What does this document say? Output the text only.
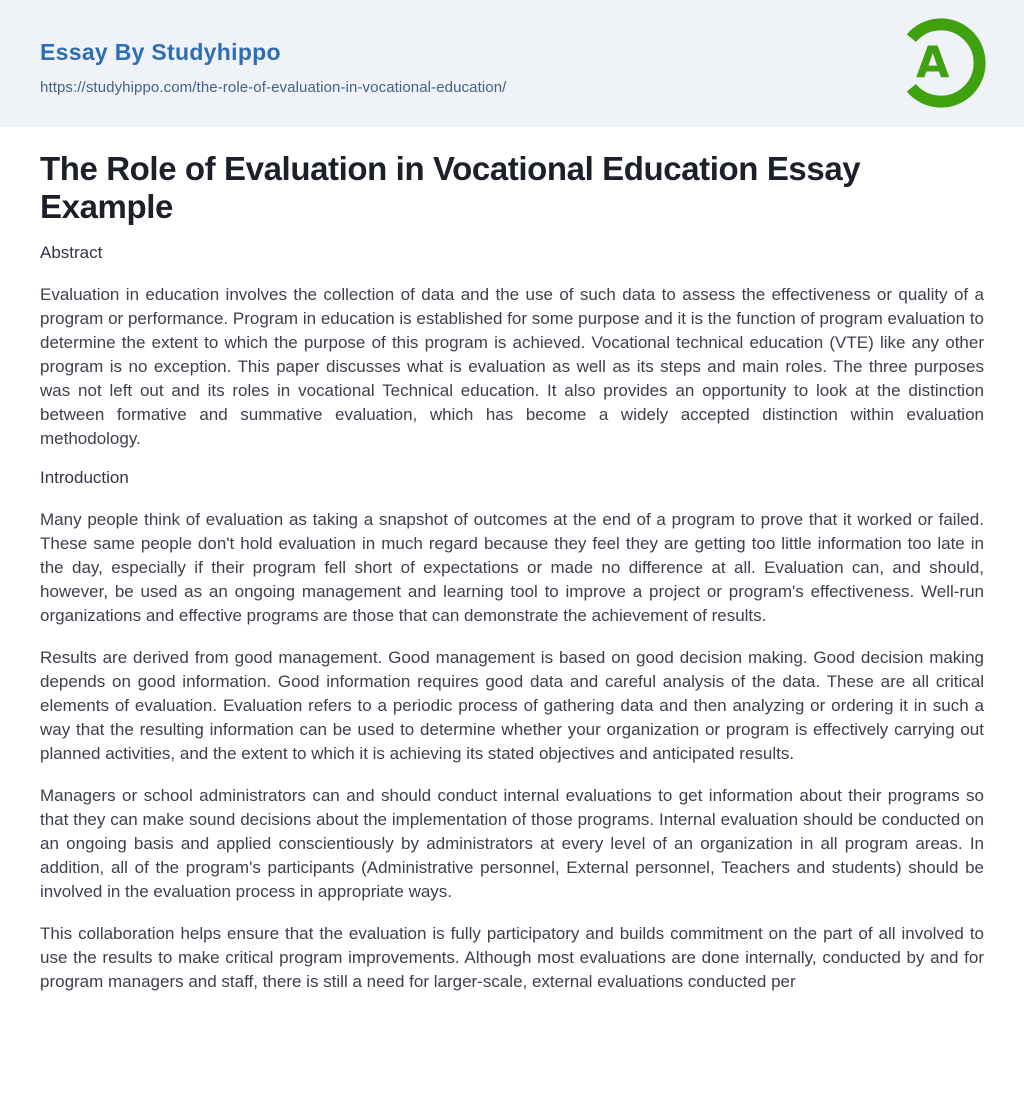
Essay By Studyhippo
https://studyhippo.com/the-role-of-evaluation-in-vocational-education/	A
The Role of Evaluation in Vocational Education Essay Example

Abstract

Evaluation in education involves the collection of data and the use of such data to assess the effectiveness or quality of a program or performance. Program in education is established for some purpose and it is the function of program evaluation to determine the extent to which the purpose of this program is achieved. Vocational technical education (VTE) like any other program is no exception. This paper discusses what is evaluation as well as its steps and main roles. The three purposes was not left out and its roles in vocational Technical education. It also provides an opportunity to look at the distinction between formative and summative evaluation, which has become a widely accepted distinction within evaluation methodology.

Introduction

Many people think of evaluation as taking a snapshot of outcomes at the end of a program to prove that it worked or failed. These same people don't hold evaluation in much regard because they feel they are getting too little information too late in the day, especially if their program fell short of expectations or made no difference at all. Evaluation can, and should, however, be used as an ongoing management and learning tool to improve a project or program's effectiveness. Well-run organizations and effective programs are those that can demonstrate the achievement of results.

Results are derived from good management. Good management is based on good decision making. Good decision making depends on good information. Good information requires good data and careful analysis of the data. These are all critical elements of evaluation. Evaluation refers to a periodic process of gathering data and then analyzing or ordering it in such a way that the resulting information can be used to determine whether your organization or program is effectively carrying out planned activities, and the extent to which it is achieving its stated objectives and anticipated results.

Managers or school administrators can and should conduct internal evaluations to get information about their programs so that they can make sound decisions about the implementation of those programs. Internal evaluation should be conducted on an ongoing basis and applied conscientiously by administrators at every level of an organization in all program areas. In addition, all of the program's participants (Administrative personnel, External personnel, Teachers and students) should be involved in the evaluation process in appropriate ways.

This collaboration helps ensure that the evaluation is fully participatory and builds commitment on the part of all involved to use the results to make critical program improvements. Although most evaluations are done internally, conducted by and for program managers and staff, there is still a need for larger-scale, external evaluations conducted per
